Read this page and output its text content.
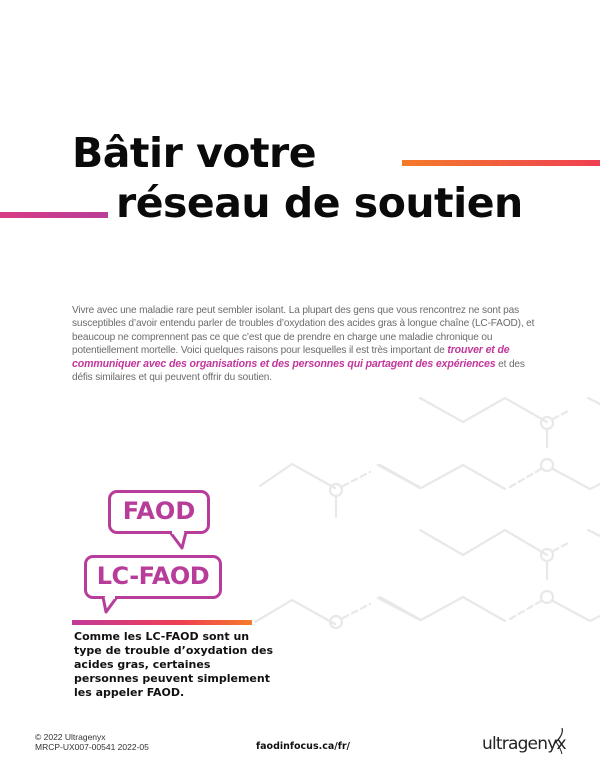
Bâtir votre
réseau de soutien

Vivre avec une maladie rare peut sembler isolant. La plupart des gens que vous rencontrez ne sont pas susceptibles d’avoir entendu parler de troubles d’oxydation des acides gras à longue chaîne (LC-FAOD), et beaucoup ne comprennent pas ce que c’est que de prendre en charge une maladie chronique ou potentiellement mortelle. Voici quelques raisons pour lesquelles il est très important de trouver et de communiquer avec des organisations et des personnes qui partagent des expériences et des défis similaires et qui peuvent offrir du soutien.

FAOD
LC-FAOD

Comme les LC-FAOD sont un type de trouble d’oxydation des acides gras, certaines personnes peuvent simplement les appeler FAOD.

© 2022 Ultragenyx
MRCP-UX007-00541 2022-05	faodinfocus.ca/fr/	ultragenyx
